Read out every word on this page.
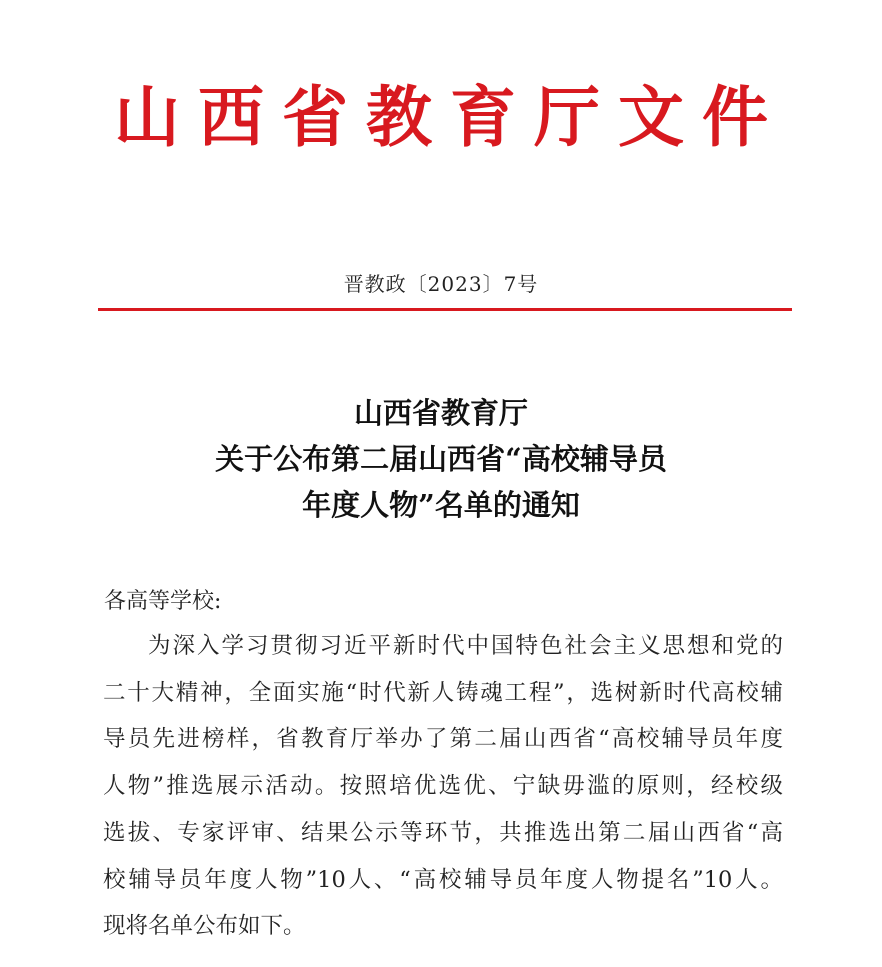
山西省教育厅文件
晋教政〔2023〕7号
山西省教育厅
关于公布第二届山西省“高校辅导员
年度人物”名单的通知
各高等学校:
为深入学习贯彻习近平新时代中国特色社会主义思想和党的
二十大精神，全面实施“时代新人铸魂工程”，选树新时代高校辅
导员先进榜样，省教育厅举办了第二届山西省“高校辅导员年度
人物”推选展示活动。按照培优选优、宁缺毋滥的原则，经校级
选拔、专家评审、结果公示等环节，共推选出第二届山西省“高
校辅导员年度人物”10人、“高校辅导员年度人物提名”10人。
现将名单公布如下。
